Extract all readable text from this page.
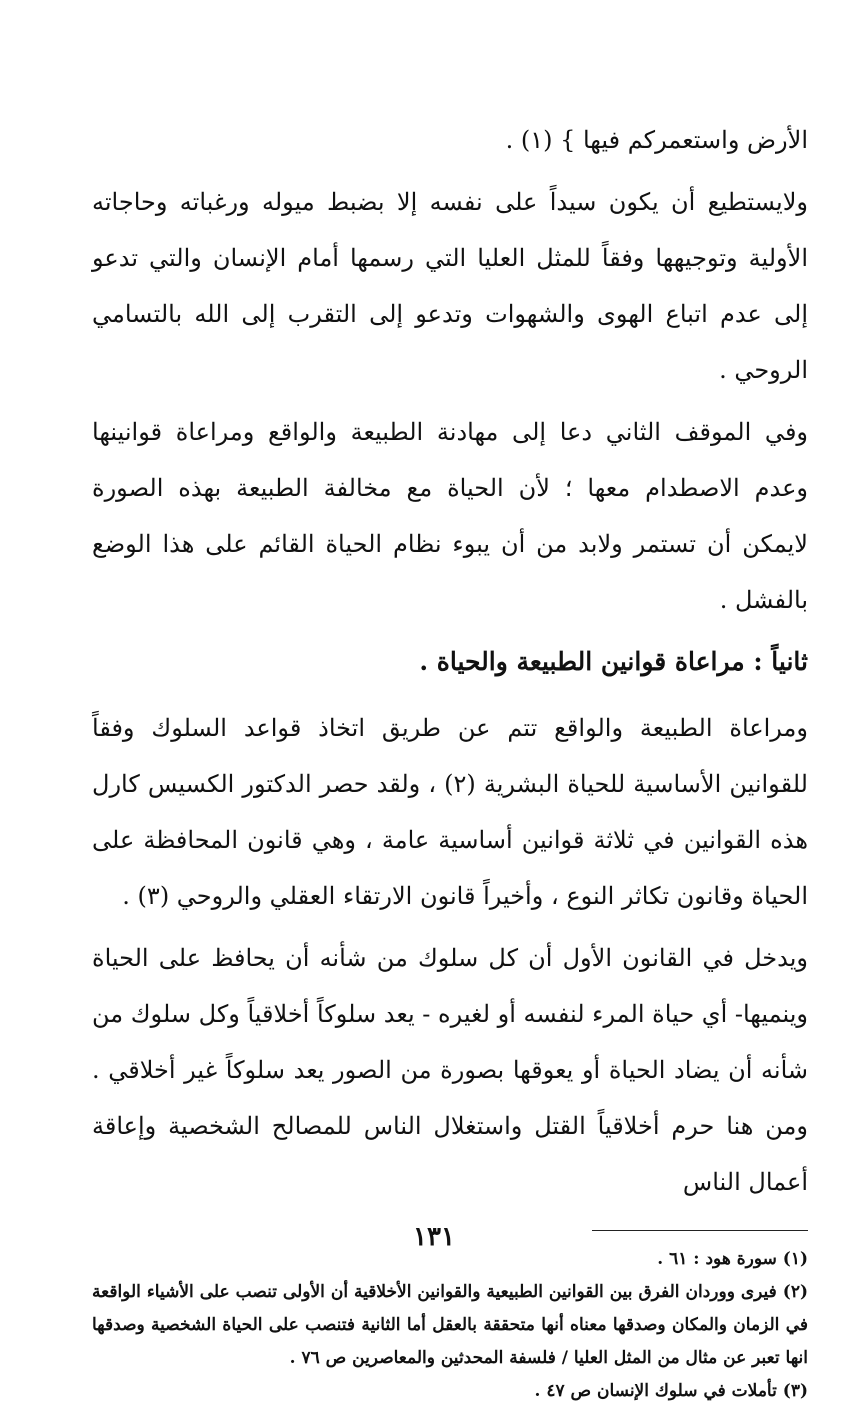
الأرض واستعمركم فيها } (١) .

ولايستطيع أن يكون سيداً على نفسه إلا بضبط ميوله ورغباته وحاجاته الأولية وتوجيهها وفقاً للمثل العليا التي رسمها أمام الإنسان والتي تدعو إلى عدم اتباع الهوى والشهوات وتدعو إلى التقرب إلى الله بالتسامي الروحي .

وفي الموقف الثاني دعا إلى مهادنة الطبيعة والواقع ومراعاة قوانينها وعدم الاصطدام معها ؛ لأن الحياة مع مخالفة الطبيعة بهذه الصورة لايمكن أن تستمر ولابد من أن يبوء نظام الحياة القائم على هذا الوضع بالفشل .

ثانياً : مراعاة قوانين الطبيعة والحياة .

ومراعاة الطبيعة والواقع تتم عن طريق اتخاذ قواعد السلوك وفقاً للقوانين الأساسية للحياة البشرية (٢) ، ولقد حصر الدكتور الكسيس كارل هذه القوانين في ثلاثة قوانين أساسية عامة ، وهي قانون المحافظة على الحياة وقانون تكاثر النوع ، وأخيراً قانون الارتقاء العقلي والروحي (٣) .

ويدخل في القانون الأول أن كل سلوك من شأنه أن يحافظ على الحياة وينميها- أي حياة المرء لنفسه أو لغيره - يعد سلوكاً أخلاقياً وكل سلوك من شأنه أن يضاد الحياة أو يعوقها بصورة من الصور يعد سلوكاً غير أخلاقي . ومن هنا حرم أخلاقياً القتل واستغلال الناس للمصالح الشخصية وإعاقة أعمال الناس

(١) سورة هود : ٦١ .

(٢) فيرى ووردان الفرق بين القوانين الطبيعية والقوانين الأخلاقية أن الأولى تنصب على الأشياء الواقعة في الزمان والمكان وصدقها معناه أنها متحققة بالعقل أما الثانية فتنصب على الحياة الشخصية وصدقها انها تعبر عن مثال من المثل العليا / فلسفة المحدثين والمعاصرين ص ٧٦ .

(٣) تأملات في سلوك الإنسان ص ٤٧ .

١٣١
